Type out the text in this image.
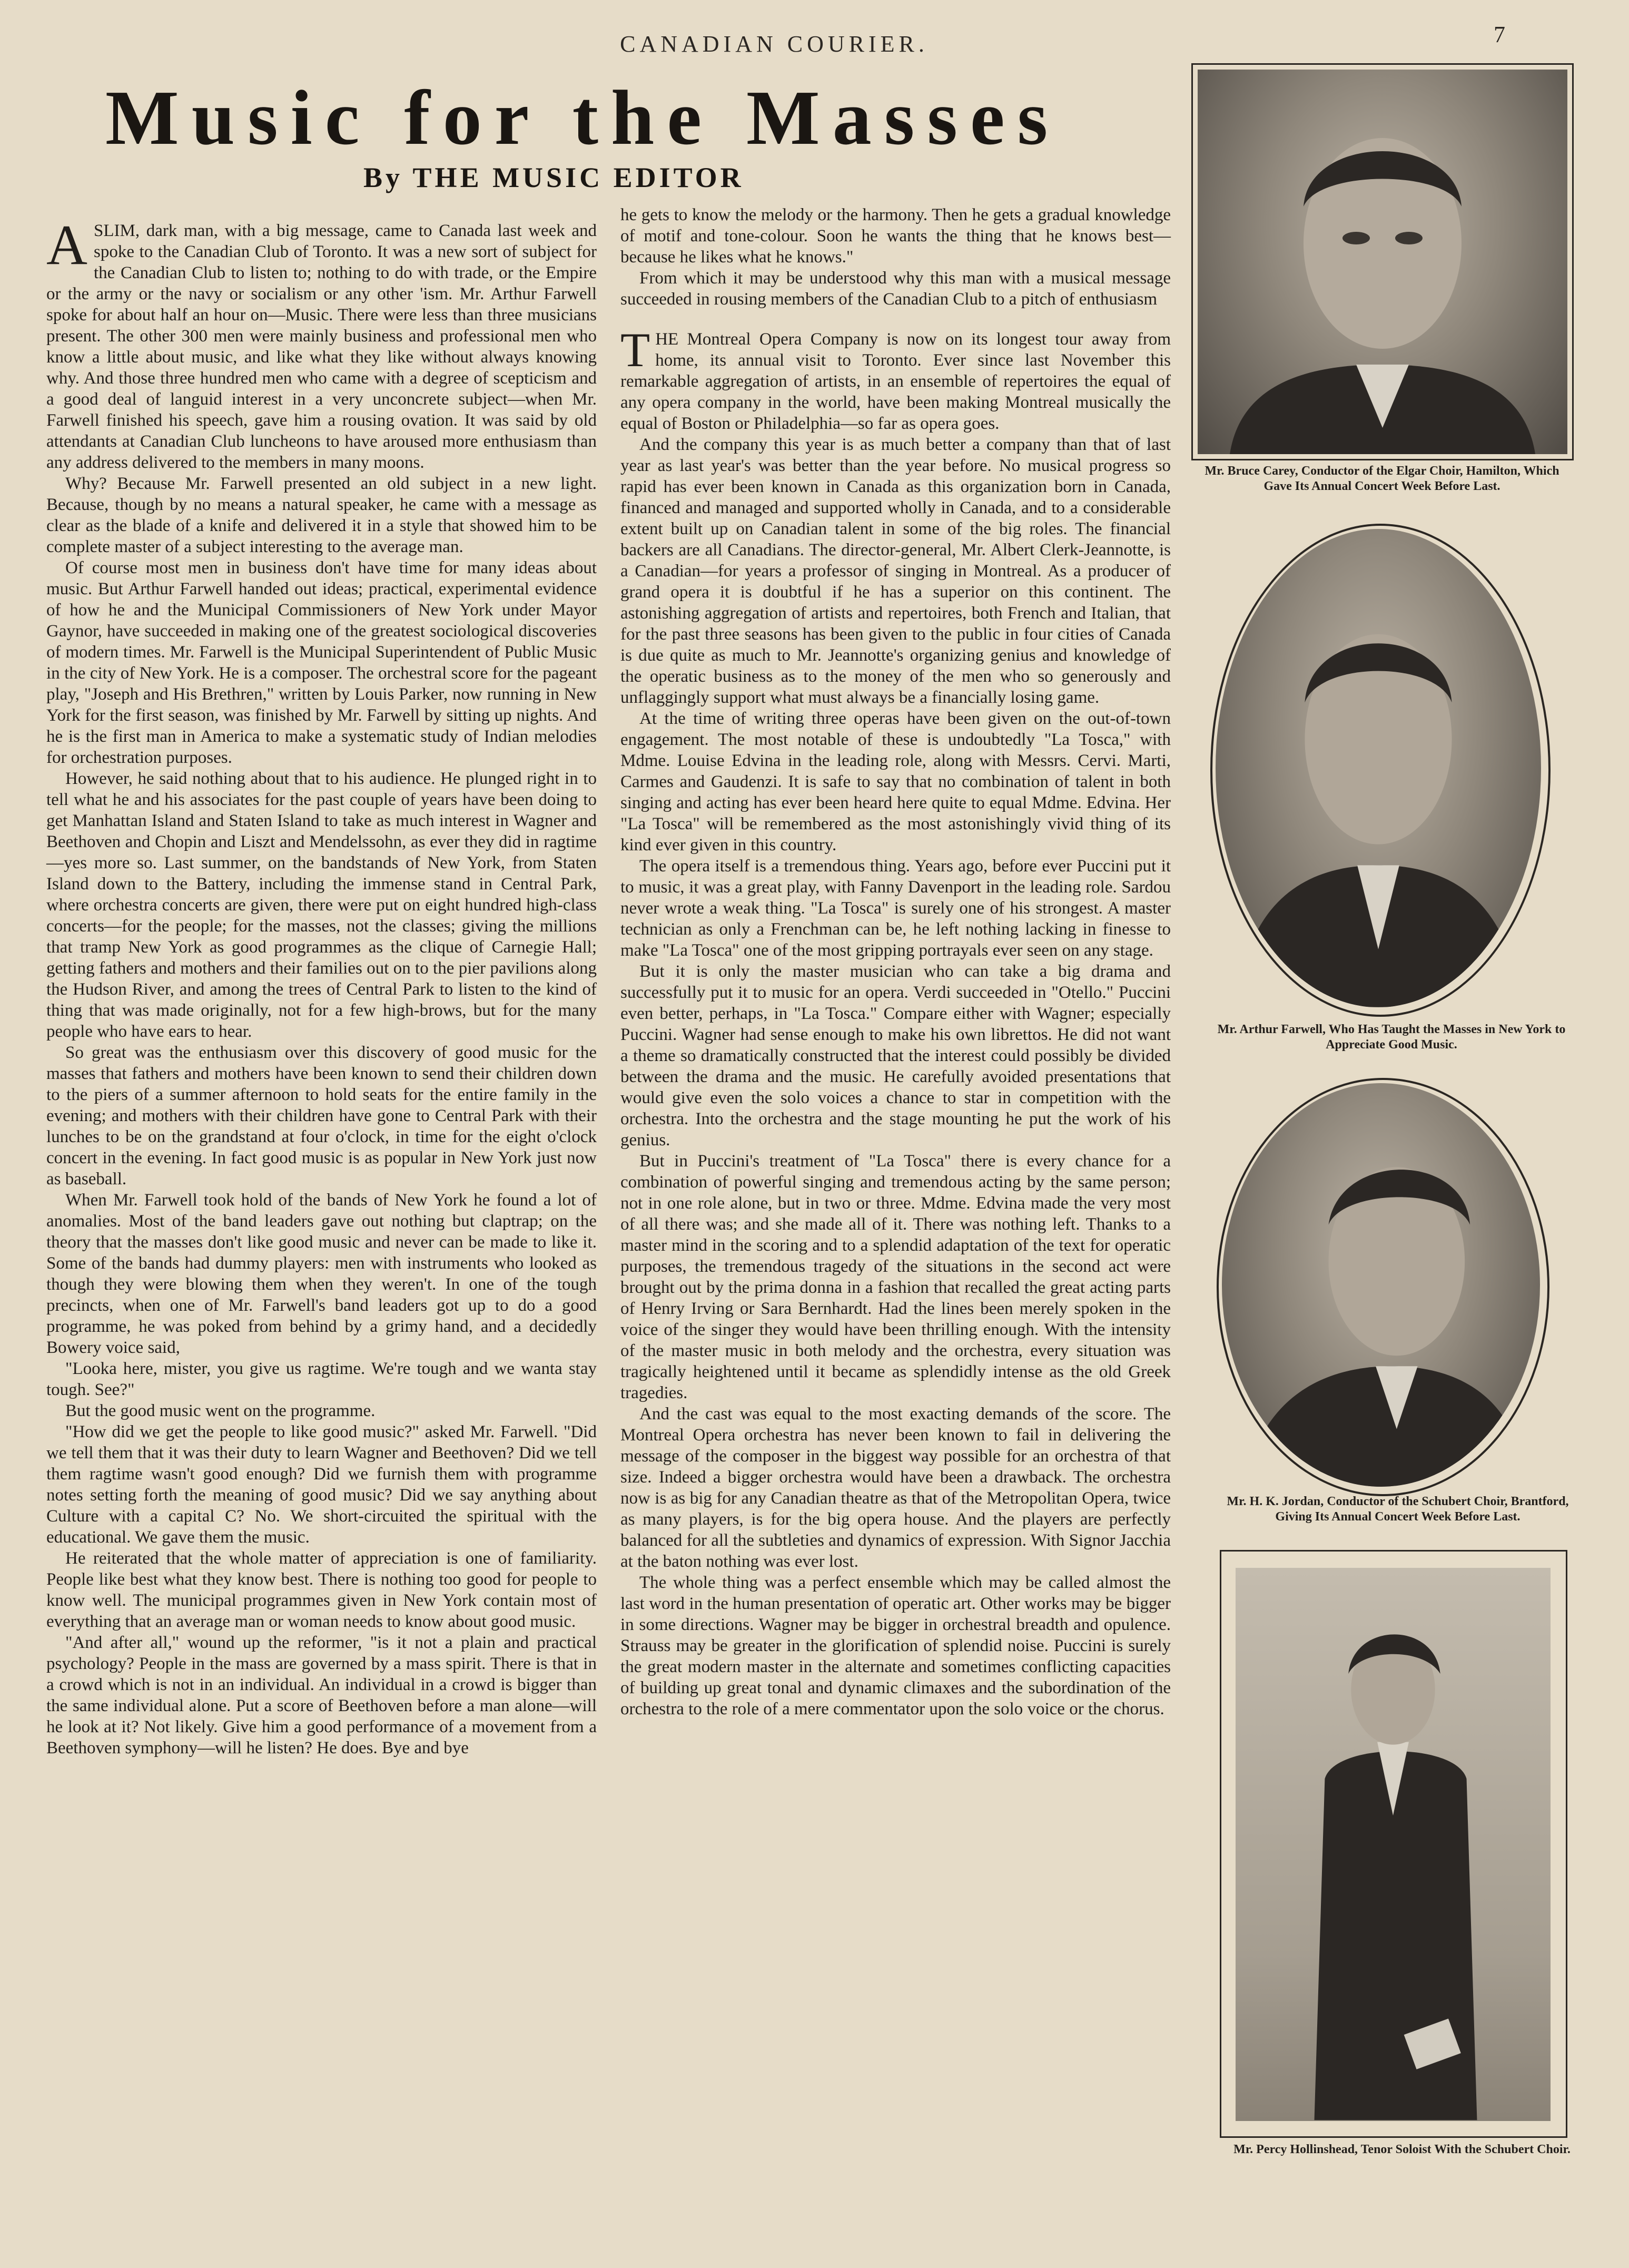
CANADIAN COURIER.	7
Music for the Masses
By THE MUSIC EDITOR

A SLIM, dark man, with a big message, came to Canada last week and spoke to the Canadian Club of Toronto. It was a new sort of subject for the Canadian Club to listen to; nothing to do with trade, or the Empire or the army or the navy or socialism or any other 'ism. Mr. Arthur Farwell spoke for about half an hour on—Music. There were less than three musicians present. The other 300 men were mainly business and professional men who know a little about music, and like what they like without always knowing why. And those three hundred men who came with a degree of scepticism and a good deal of languid interest in a very unconcrete subject—when Mr. Farwell finished his speech, gave him a rousing ovation. It was said by old attendants at Canadian Club luncheons to have aroused more enthusiasm than any address delivered to the members in many moons.

Why? Because Mr. Farwell presented an old subject in a new light. Because, though by no means a natural speaker, he came with a message as clear as the blade of a knife and delivered it in a style that showed him to be complete master of a subject interesting to the average man.

Of course most men in business don't have time for many ideas about music. But Arthur Farwell handed out ideas; practical, experimental evidence of how he and the Municipal Commissioners of New York under Mayor Gaynor, have succeeded in making one of the greatest sociological discoveries of modern times. Mr. Farwell is the Municipal Superintendent of Public Music in the city of New York. He is a composer. The orchestral score for the pageant play, "Joseph and His Brethren," written by Louis Parker, now running in New York for the first season, was finished by Mr. Farwell by sitting up nights. And he is the first man in America to make a systematic study of Indian melodies for orchestration purposes.

However, he said nothing about that to his audience. He plunged right in to tell what he and his associates for the past couple of years have been doing to get Manhattan Island and Staten Island to take as much interest in Wagner and Beethoven and Chopin and Liszt and Mendelssohn, as ever they did in ragtime—yes more so. Last summer, on the bandstands of New York, from Staten Island down to the Battery, including the immense stand in Central Park, where orchestra concerts are given, there were put on eight hundred high-class concerts—for the people; for the masses, not the classes; giving the millions that tramp New York as good programmes as the clique of Carnegie Hall; getting fathers and mothers and their families out on to the pier pavilions along the Hudson River, and among the trees of Central Park to listen to the kind of thing that was made originally, not for a few high-brows, but for the many people who have ears to hear.

So great was the enthusiasm over this discovery of good music for the masses that fathers and mothers have been known to send their children down to the piers of a summer afternoon to hold seats for the entire family in the evening; and mothers with their children have gone to Central Park with their lunches to be on the grandstand at four o'clock, in time for the eight o'clock concert in the evening. In fact good music is as popular in New York just now as baseball.

When Mr. Farwell took hold of the bands of New York he found a lot of anomalies. Most of the band leaders gave out nothing but claptrap; on the theory that the masses don't like good music and never can be made to like it. Some of the bands had dummy players: men with instruments who looked as though they were blowing them when they weren't. In one of the tough precincts, when one of Mr. Farwell's band leaders got up to do a good programme, he was poked from behind by a grimy hand, and a decidedly Bowery voice said,

"Looka here, mister, you give us ragtime. We're tough and we wanta stay tough. See?"

But the good music went on the programme.

"How did we get the people to like good music?" asked Mr. Farwell. "Did we tell them that it was their duty to learn Wagner and Beethoven? Did we tell them ragtime wasn't good enough? Did we furnish them with programme notes setting forth the meaning of good music? Did we say anything about Culture with a capital C? No. We short-circuited the spiritual with the educational. We gave them the music.

He reiterated that the whole matter of appreciation is one of familiarity. People like best what they know best. There is nothing too good for people to know well. The municipal programmes given in New York contain most of everything that an average man or woman needs to know about good music.

"And after all," wound up the reformer, "is it not a plain and practical psychology? People in the mass are governed by a mass spirit. There is that in a crowd which is not in an individual. An individual in a crowd is bigger than the same individual alone. Put a score of Beethoven before a man alone—will he look at it? Not likely. Give him a good performance of a movement from a Beethoven symphony—will he listen? He does. Bye and bye

he gets to know the melody or the harmony. Then he gets a gradual knowledge of motif and tone-colour. Soon he wants the thing that he knows best—because he likes what he knows."

From which it may be understood why this man with a musical message succeeded in rousing members of the Canadian Club to a pitch of enthusiasm

THE Montreal Opera Company is now on its longest tour away from home, its annual visit to Toronto. Ever since last November this remarkable aggregation of artists, in an ensemble of repertoires the equal of any opera company in the world, have been making Montreal musically the equal of Boston or Philadelphia—so far as opera goes.

And the company this year is as much better a company than that of last year as last year's was better than the year before. No musical progress so rapid has ever been known in Canada as this organization born in Canada, financed and managed and supported wholly in Canada, and to a considerable extent built up on Canadian talent in some of the big roles. The financial backers are all Canadians. The director-general, Mr. Albert Clerk-Jeannotte, is a Canadian—for years a professor of singing in Montreal. As a producer of grand opera it is doubtful if he has a superior on this continent. The astonishing aggregation of artists and repertoires, both French and Italian, that for the past three seasons has been given to the public in four cities of Canada is due quite as much to Mr. Jeannotte's organizing genius and knowledge of the operatic business as to the money of the men who so generously and unflaggingly support what must always be a financially losing game.

At the time of writing three operas have been given on the out-of-town engagement. The most notable of these is undoubtedly "La Tosca," with Mdme. Louise Edvina in the leading role, along with Messrs. Cervi. Marti, Carmes and Gaudenzi. It is safe to say that no combination of talent in both singing and acting has ever been heard here quite to equal Mdme. Edvina. Her "La Tosca" will be remembered as the most astonishingly vivid thing of its kind ever given in this country.

The opera itself is a tremendous thing. Years ago, before ever Puccini put it to music, it was a great play, with Fanny Davenport in the leading role. Sardou never wrote a weak thing. "La Tosca" is surely one of his strongest. A master technician as only a Frenchman can be, he left nothing lacking in finesse to make "La Tosca" one of the most gripping portrayals ever seen on any stage.

But it is only the master musician who can take a big drama and successfully put it to music for an opera. Verdi succeeded in "Otello." Puccini even better, perhaps, in "La Tosca." Compare either with Wagner; especially Puccini. Wagner had sense enough to make his own librettos. He did not want a theme so dramatically constructed that the interest could possibly be divided between the drama and the music. He carefully avoided presentations that would give even the solo voices a chance to star in competition with the orchestra. Into the orchestra and the stage mounting he put the work of his genius.

But in Puccini's treatment of "La Tosca" there is every chance for a combination of powerful singing and tremendous acting by the same person; not in one role alone, but in two or three. Mdme. Edvina made the very most of all there was; and she made all of it. There was nothing left. Thanks to a master mind in the scoring and to a splendid adaptation of the text for operatic purposes, the tremendous tragedy of the situations in the second act were brought out by the prima donna in a fashion that recalled the great acting parts of Henry Irving or Sara Bernhardt. Had the lines been merely spoken in the voice of the singer they would have been thrilling enough. With the intensity of the master music in both melody and the orchestra, every situation was tragically heightened until it became as splendidly intense as the old Greek tragedies.

And the cast was equal to the most exacting demands of the score. The Montreal Opera orchestra has never been known to fail in delivering the message of the composer in the biggest way possible for an orchestra of that size. Indeed a bigger orchestra would have been a drawback. The orchestra now is as big for any Canadian theatre as that of the Metropolitan Opera, twice as many players, is for the big opera house. And the players are perfectly balanced for all the subtleties and dynamics of expression. With Signor Jacchia at the baton nothing was ever lost.

The whole thing was a perfect ensemble which may be called almost the last word in the human presentation of operatic art. Other works may be bigger in some directions. Wagner may be bigger in orchestral breadth and opulence. Strauss may be greater in the glorification of splendid noise. Puccini is surely the great modern master in the alternate and sometimes conflicting capacities of building up great tonal and dynamic climaxes and the subordination of the orchestra to the role of a mere commentator upon the solo voice or the chorus.

Mr. Bruce Carey, Conductor of the Elgar Choir, Hamilton, Which Gave Its Annual Concert Week Before Last.
Mr. Arthur Farwell, Who Has Taught the Masses in New York to Appreciate Good Music.
Mr. H. K. Jordan, Conductor of the Schubert Choir, Brantford, Giving Its Annual Concert Week Before Last.
Mr. Percy Hollinshead, Tenor Soloist With the Schubert Choir.
